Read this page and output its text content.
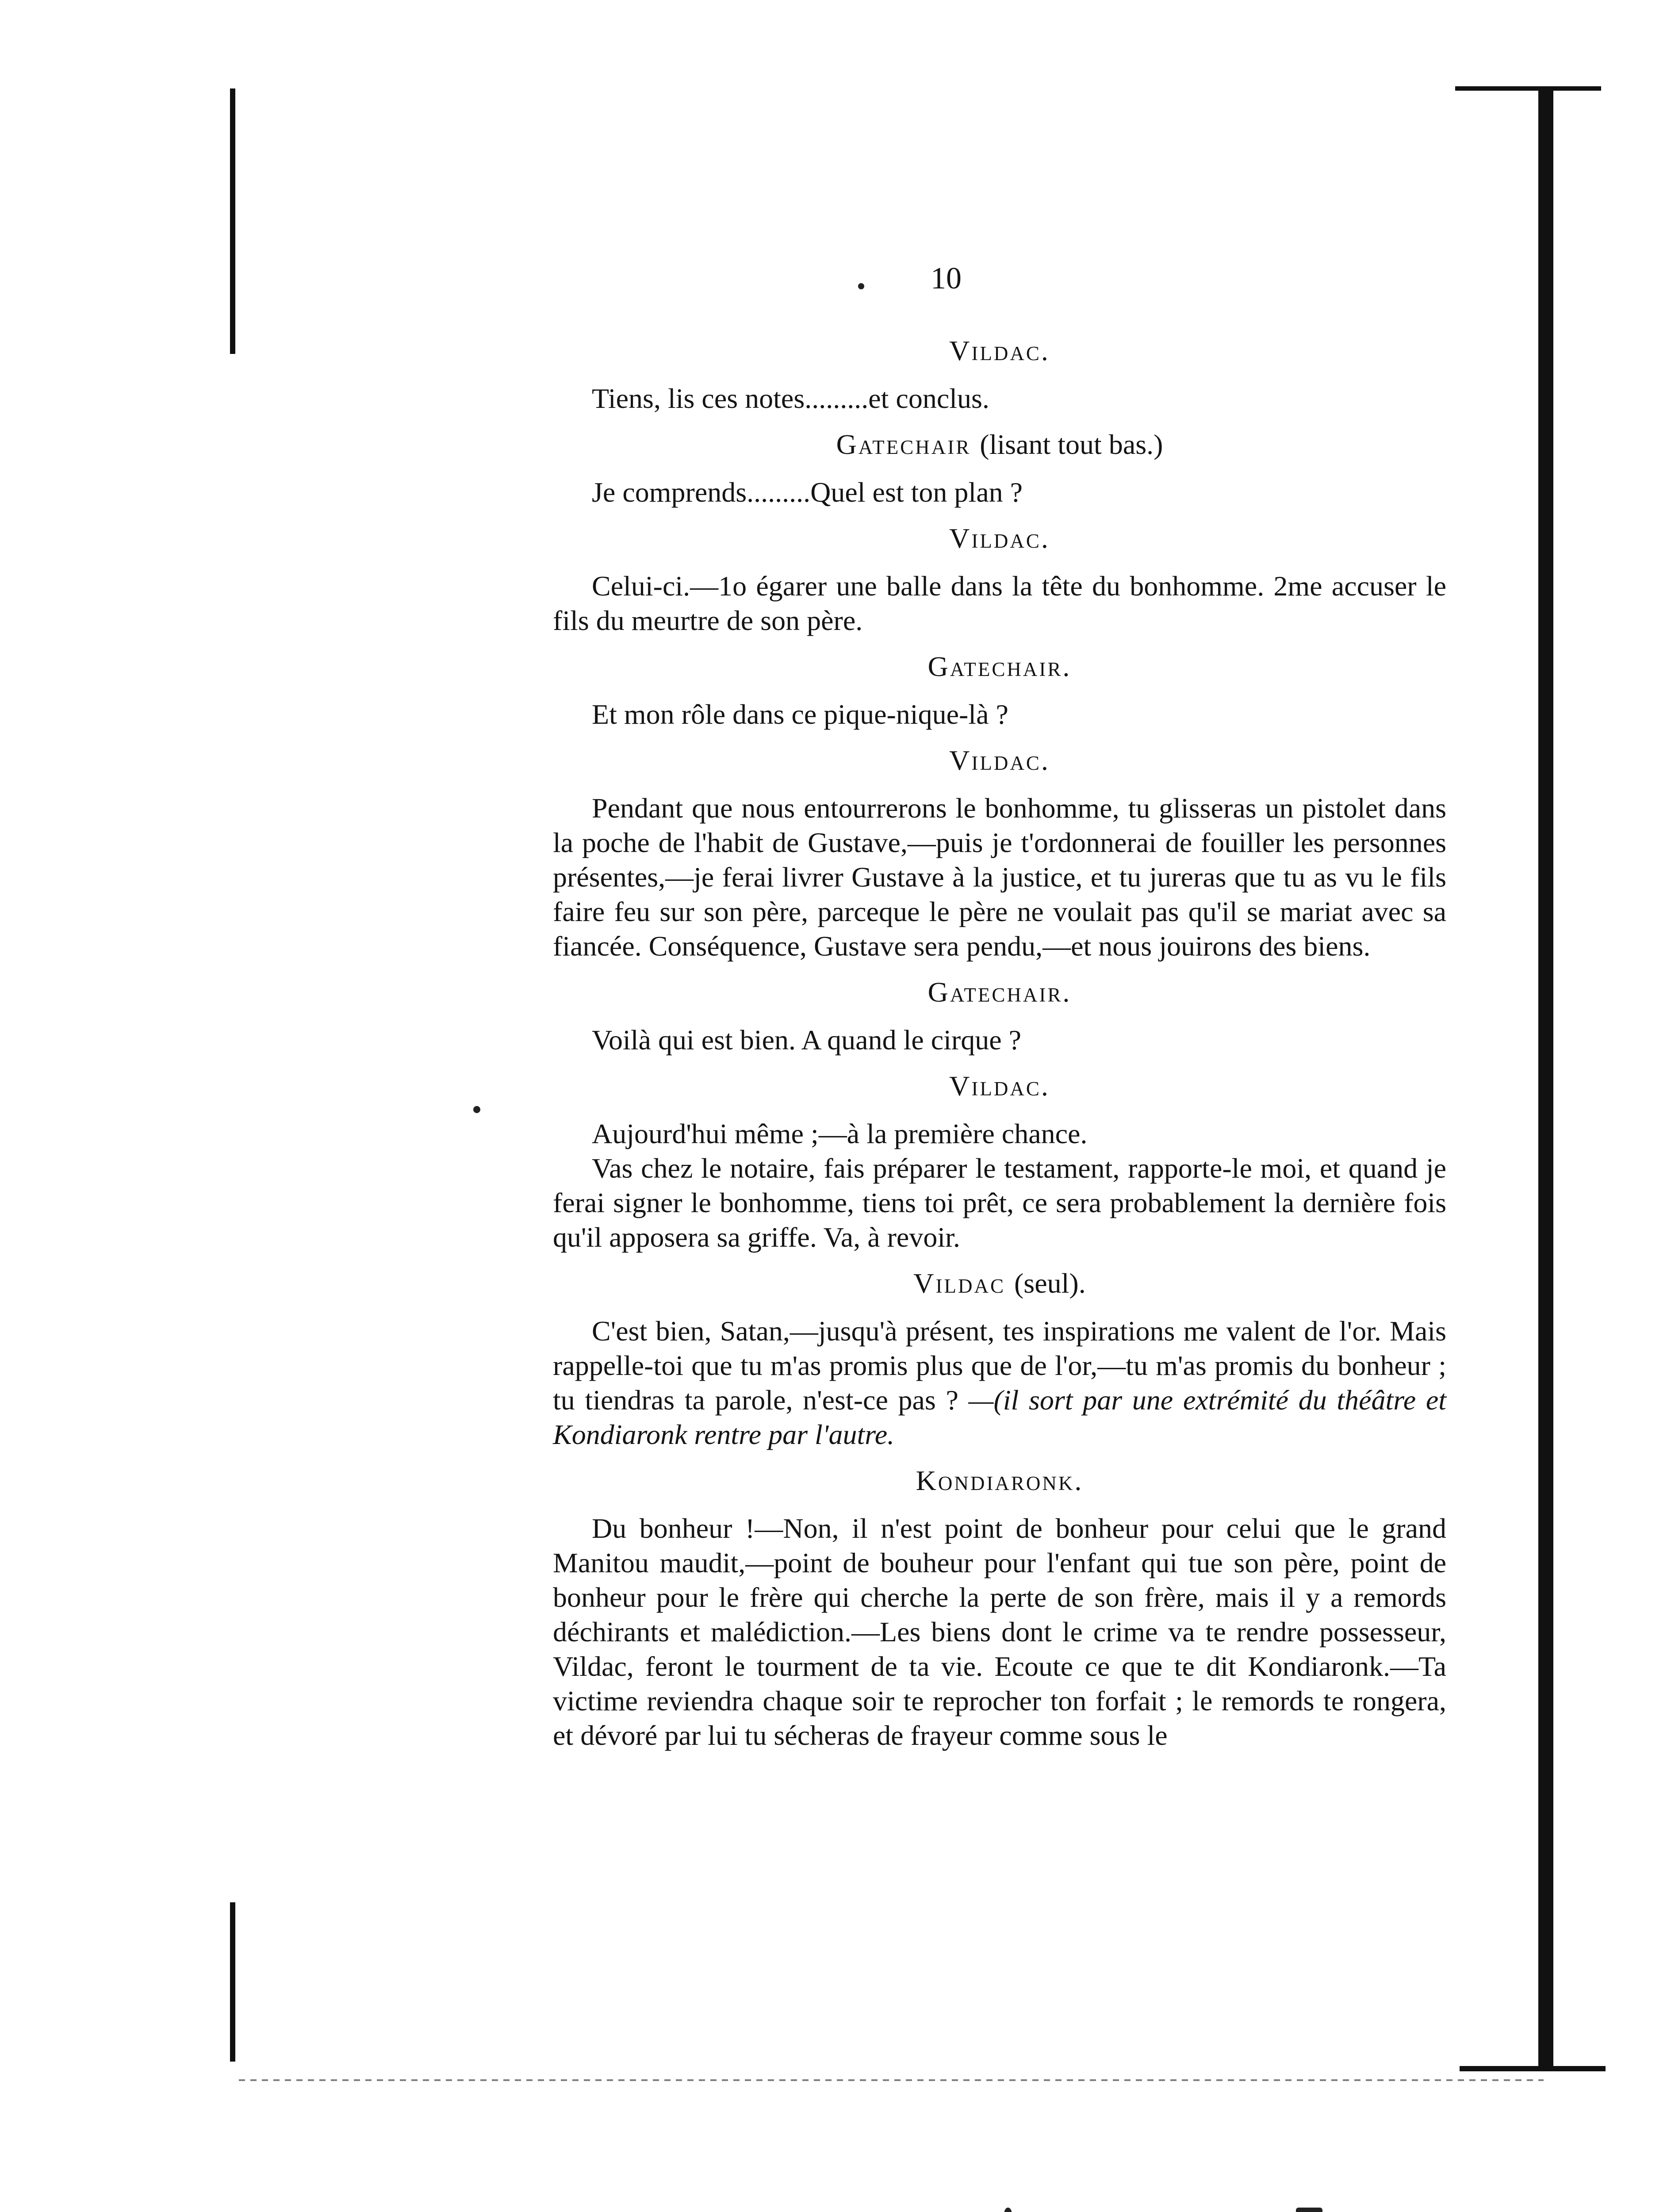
10
Vildac.

Tiens, lis ces notes.........et conclus.

Gatechair (lisant tout bas.)

Je comprends.........Quel est ton plan ?

Vildac.

Celui-ci.—1o égarer une balle dans la tête du bonhomme. 2me accuser le fils du meurtre de son père.

Gatechair.

Et mon rôle dans ce pique-nique-là ?

Vildac.

Pendant que nous entourrerons le bonhomme, tu glisseras un pistolet dans la poche de l'habit de Gustave,—puis je t'ordonnerai de fouiller les personnes présentes,—je ferai livrer Gustave à la justice, et tu jureras que tu as vu le fils faire feu sur son père, parceque le père ne voulait pas qu'il se mariat avec sa fiancée. Conséquence, Gustave sera pendu,—et nous jouirons des biens.

Gatechair.

Voilà qui est bien. A quand le cirque ?

Vildac.

Aujourd'hui même ;—à la première chance.

Vas chez le notaire, fais préparer le testament, rapporte-le moi, et quand je ferai signer le bonhomme, tiens toi prêt, ce sera probablement la dernière fois qu'il apposera sa griffe. Va, à revoir.

Vildac (seul).

C'est bien, Satan,—jusqu'à présent, tes inspirations me valent de l'or. Mais rappelle-toi que tu m'as promis plus que de l'or,—tu m'as promis du bonheur ; tu tiendras ta parole, n'est-ce pas ? —(il sort par une extrémité du théâtre et Kondiaronk rentre par l'autre.

Kondiaronk.

Du bonheur !—Non, il n'est point de bonheur pour celui que le grand Manitou maudit,—point de bouheur pour l'enfant qui tue son père, point de bonheur pour le frère qui cherche la perte de son frère, mais il y a remords déchirants et malédiction.—Les biens dont le crime va te rendre possesseur, Vildac, feront le tourment de ta vie. Ecoute ce que te dit Kondiaronk.—Ta victime reviendra chaque soir te reprocher ton forfait ; le remords te rongera, et dévoré par lui tu sécheras de frayeur comme sous le
